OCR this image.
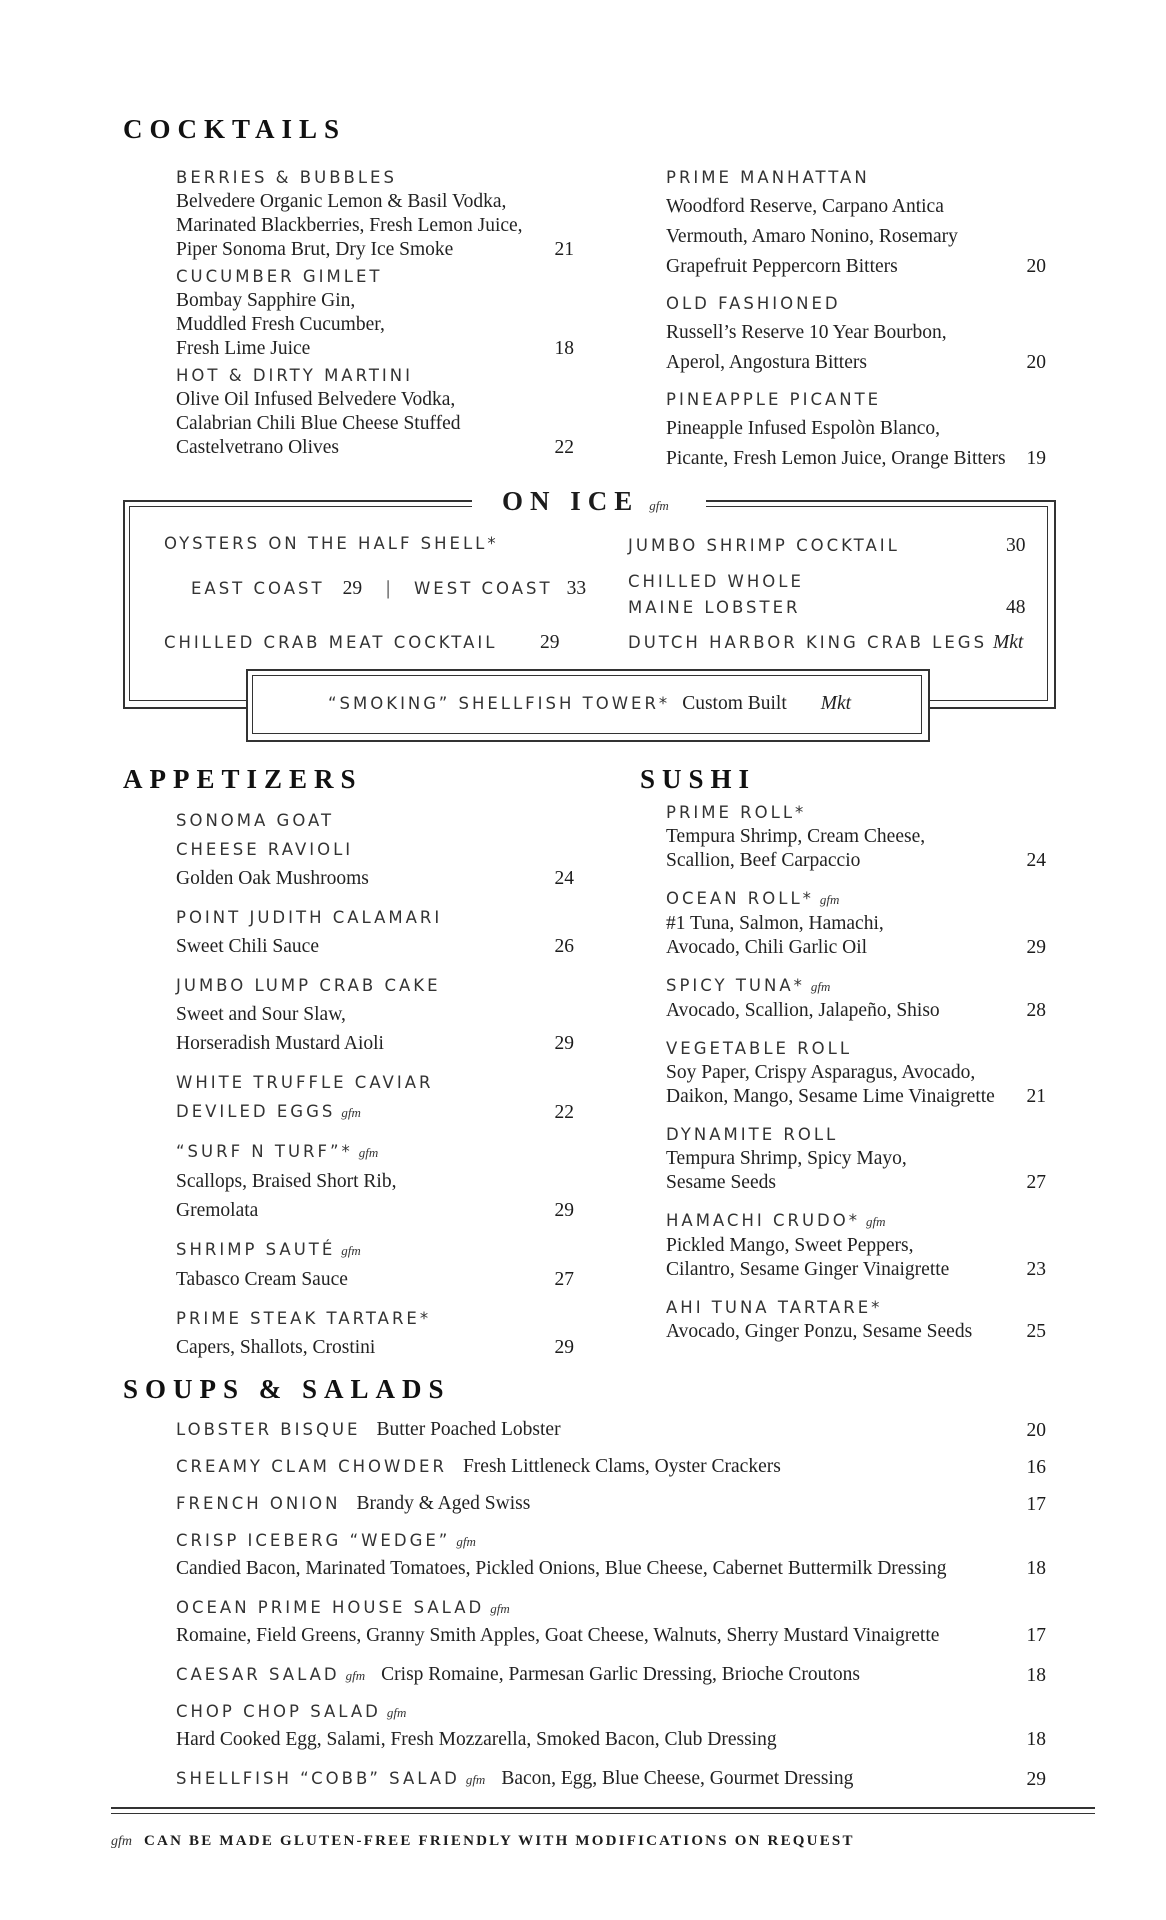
COCKTAILS
BERRIES & BUBBLES
Belvedere Organic Lemon & Basil Vodka,
Marinated Blackberries, Fresh Lemon Juice,
Piper Sonoma Brut, Dry Ice Smoke	21
CUCUMBER GIMLET
Bombay Sapphire Gin,
Muddled Fresh Cucumber,
Fresh Lime Juice	18
HOT & DIRTY MARTINI
Olive Oil Infused Belvedere Vodka,
Calabrian Chili Blue Cheese Stuffed
Castelvetrano Olives	22
PRIME MANHATTAN
Woodford Reserve, Carpano Antica
Vermouth, Amaro Nonino, Rosemary
Grapefruit Peppercorn Bitters	20
OLD FASHIONED
Russell’s Reserve 10 Year Bourbon,
Aperol, Angostura Bitters	20
PINEAPPLE PICANTE
Pineapple Infused Espolòn Blanco,
Picante, Fresh Lemon Juice, Orange Bitters	19
ON ICE gfm
OYSTERS ON THE HALF SHELL*
EAST COAST 29 | WEST COAST 33
CHILLED CRAB MEAT COCKTAIL 29
JUMBO SHRIMP COCKTAIL	30
CHILLED WHOLE
MAINE LOBSTER	48
DUTCH HARBOR KING CRAB LEGS Mkt
“SMOKING” SHELLFISH TOWER* Custom Built Mkt
APPETIZERS	SUSHI
SONOMA GOAT
CHEESE RAVIOLI
Golden Oak Mushrooms	24
POINT JUDITH CALAMARI
Sweet Chili Sauce	26
JUMBO LUMP CRAB CAKE
Sweet and Sour Slaw,
Horseradish Mustard Aioli	29
WHITE TRUFFLE CAVIAR
DEVILED EGGS gfm	22
“SURF N TURF”* gfm
Scallops, Braised Short Rib,
Gremolata	29
SHRIMP SAUTÉ gfm
Tabasco Cream Sauce	27
PRIME STEAK TARTARE*
Capers, Shallots, Crostini	29
PRIME ROLL*
Tempura Shrimp, Cream Cheese,
Scallion, Beef Carpaccio	24
OCEAN ROLL* gfm
#1 Tuna, Salmon, Hamachi,
Avocado, Chili Garlic Oil	29
SPICY TUNA* gfm
Avocado, Scallion, Jalapeño, Shiso	28
VEGETABLE ROLL
Soy Paper, Crispy Asparagus, Avocado,
Daikon, Mango, Sesame Lime Vinaigrette	21
DYNAMITE ROLL
Tempura Shrimp, Spicy Mayo,
Sesame Seeds	27
HAMACHI CRUDO* gfm
Pickled Mango, Sweet Peppers,
Cilantro, Sesame Ginger Vinaigrette	23
AHI TUNA TARTARE*
Avocado, Ginger Ponzu, Sesame Seeds	25
SOUPS & SALADS
LOBSTER BISQUE Butter Poached Lobster	20
CREAMY CLAM CHOWDER Fresh Littleneck Clams, Oyster Crackers	16
FRENCH ONION Brandy & Aged Swiss	17
CRISP ICEBERG “WEDGE” gfm
Candied Bacon, Marinated Tomatoes, Pickled Onions, Blue Cheese, Cabernet Buttermilk Dressing	18
OCEAN PRIME HOUSE SALAD gfm
Romaine, Field Greens, Granny Smith Apples, Goat Cheese, Walnuts, Sherry Mustard Vinaigrette	17
CAESAR SALAD gfm Crisp Romaine, Parmesan Garlic Dressing, Brioche Croutons	18
CHOP CHOP SALAD gfm
Hard Cooked Egg, Salami, Fresh Mozzarella, Smoked Bacon, Club Dressing	18
SHELLFISH “COBB” SALAD gfm Bacon, Egg, Blue Cheese, Gourmet Dressing	29
gfm CAN BE MADE GLUTEN-FREE FRIENDLY WITH MODIFICATIONS ON REQUEST
